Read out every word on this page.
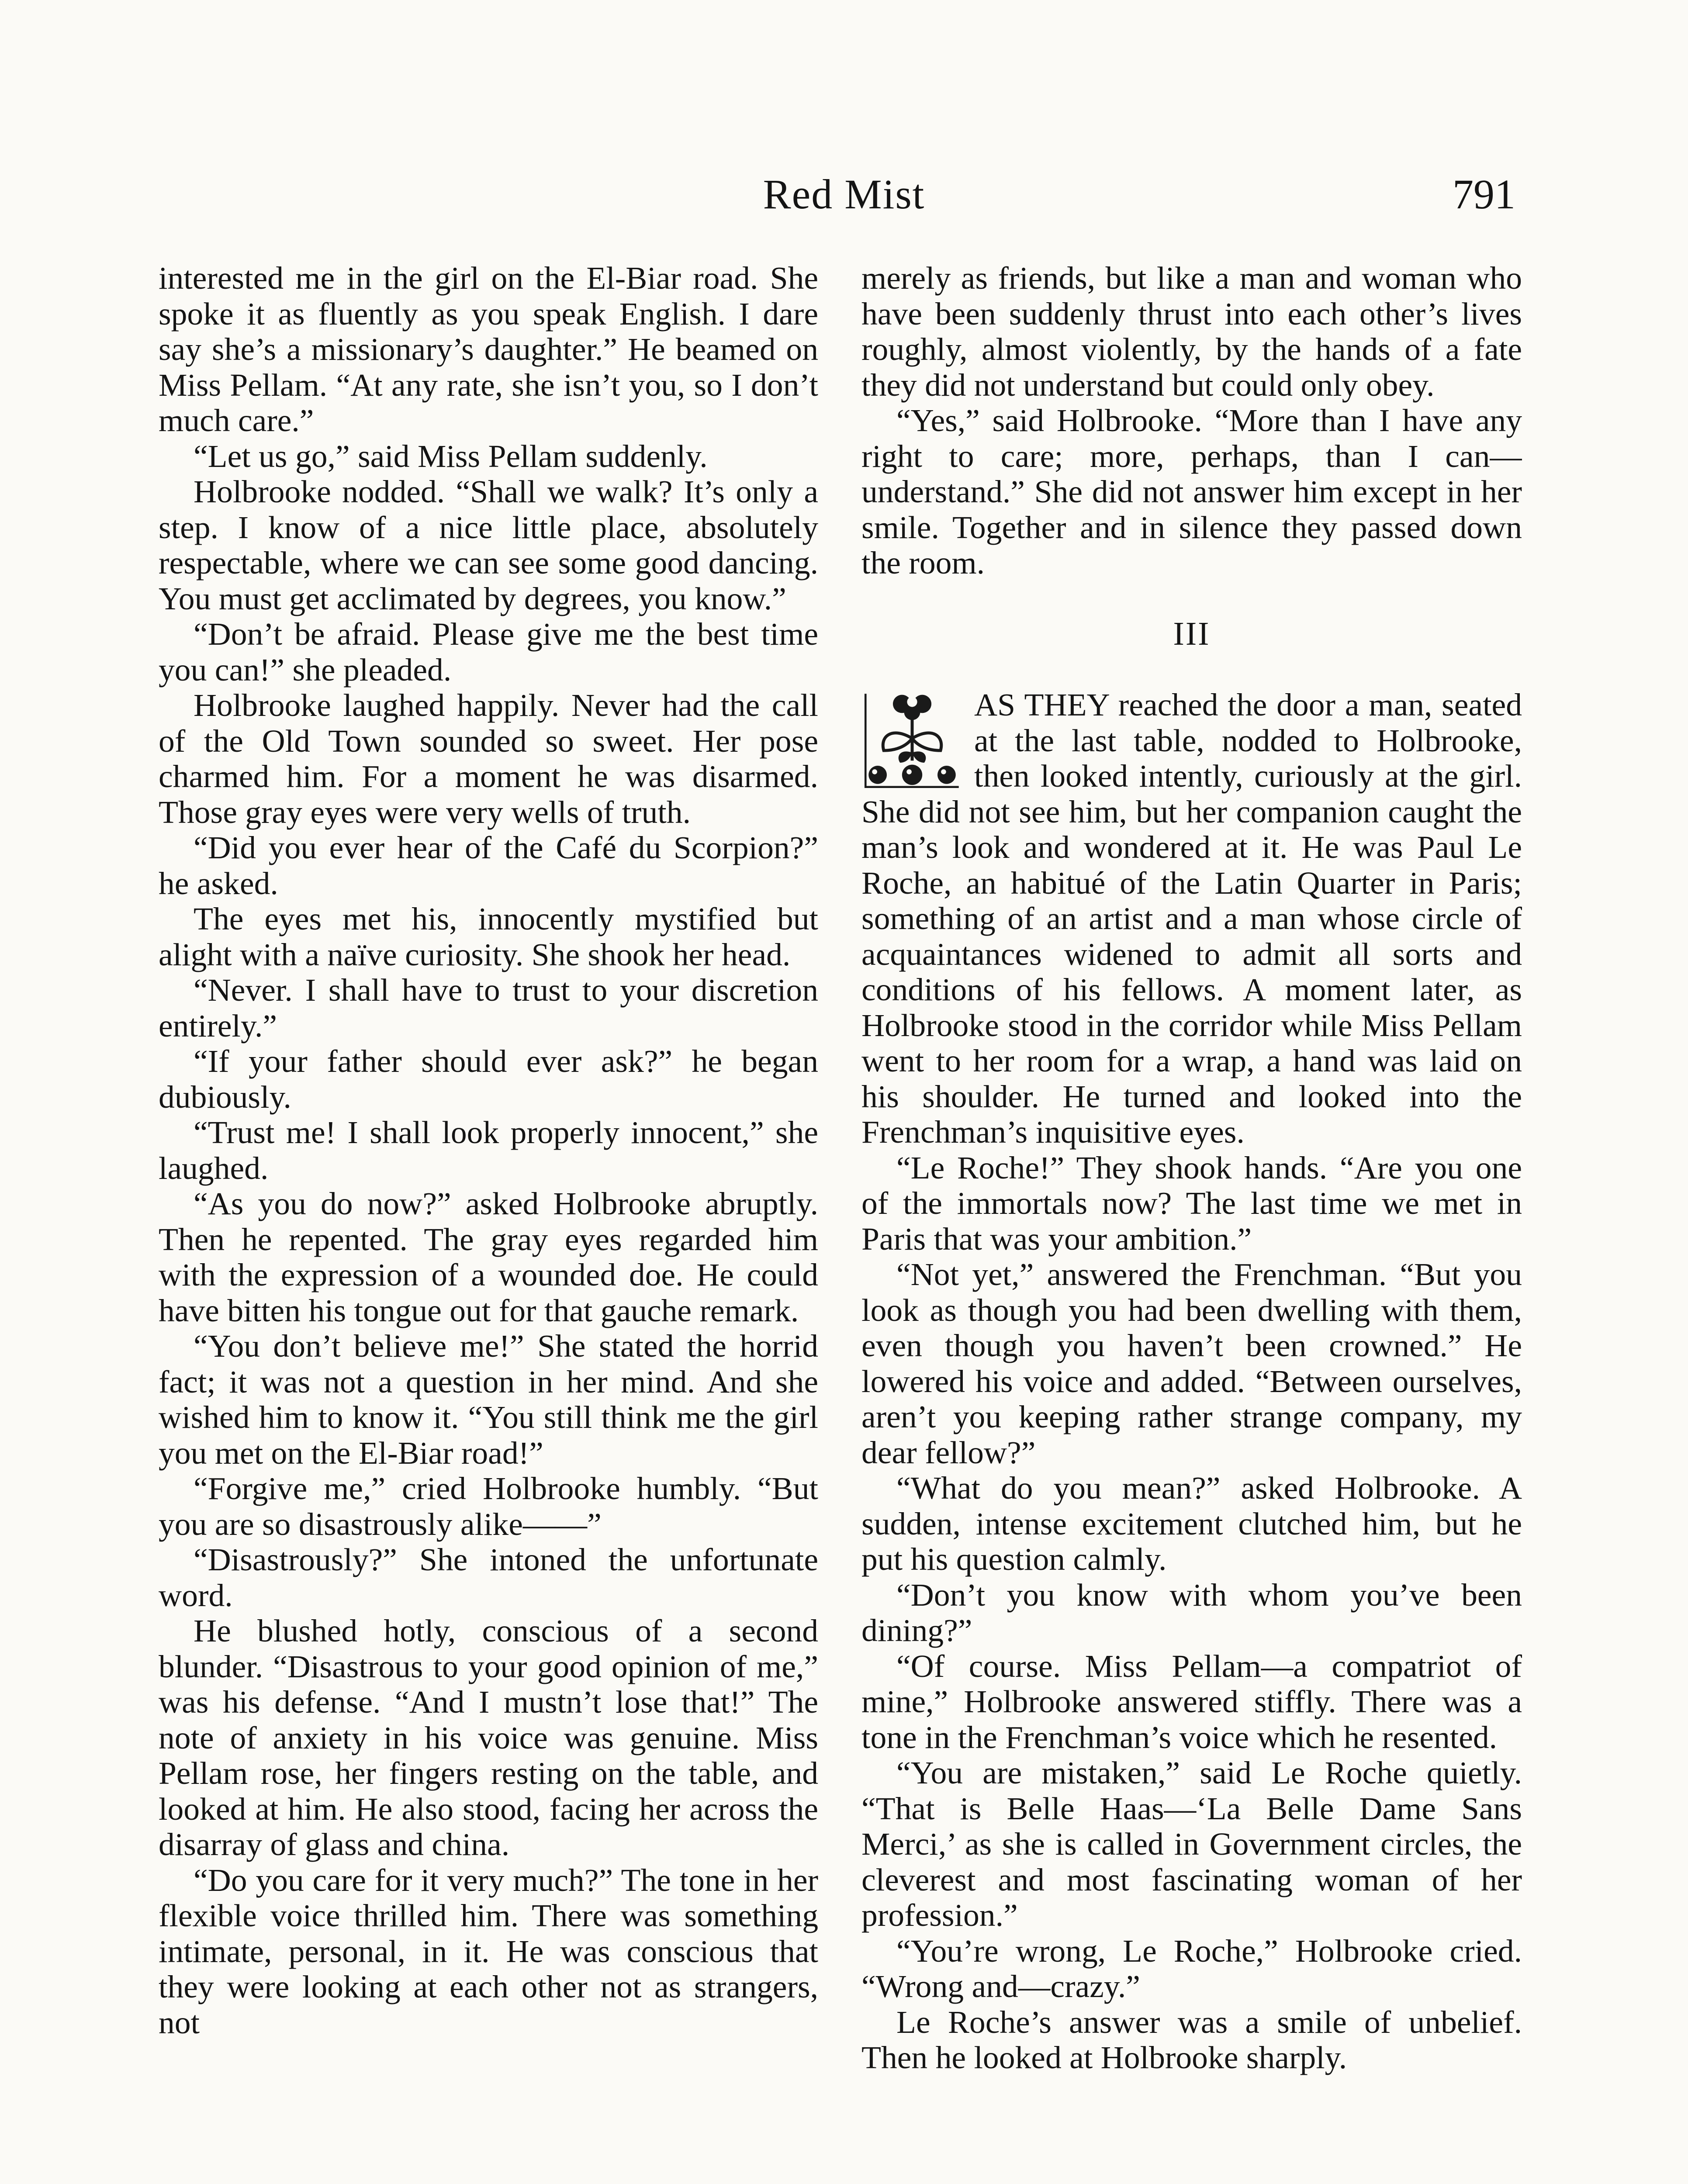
Red Mist	791

interested me in the girl on the El-Biar road. She spoke it as fluently as you speak English. I dare say she’s a missionary’s daughter.” He beamed on Miss Pellam. “At any rate, she isn’t you, so I don’t much care.”

“Let us go,” said Miss Pellam suddenly.

Holbrooke nodded. “Shall we walk? It’s only a step. I know of a nice little place, absolutely respectable, where we can see some good dancing. You must get acclimated by degrees, you know.”

“Don’t be afraid. Please give me the best time you can!” she pleaded.

Holbrooke laughed happily. Never had the call of the Old Town sounded so sweet. Her pose charmed him. For a moment he was disarmed. Those gray eyes were very wells of truth.

“Did you ever hear of the Café du Scorpion?” he asked.

The eyes met his, innocently mystified but alight with a naïve curiosity. She shook her head.

“Never. I shall have to trust to your discretion entirely.”

“If your father should ever ask?” he began dubiously.

“Trust me! I shall look properly innocent,” she laughed.

“As you do now?” asked Holbrooke abruptly. Then he repented. The gray eyes regarded him with the expression of a wounded doe. He could have bitten his tongue out for that gauche remark.

“You don’t believe me!” She stated the horrid fact; it was not a question in her mind. And she wished him to know it. “You still think me the girl you met on the El-Biar road!”

“Forgive me,” cried Holbrooke humbly. “But you are so disastrously alike——”

“Disastrously?” She intoned the unfortunate word.

He blushed hotly, conscious of a second blunder. “Disastrous to your good opinion of me,” was his defense. “And I mustn’t lose that!” The note of anxiety in his voice was genuine. Miss Pellam rose, her fingers resting on the table, and looked at him. He also stood, facing her across the disarray of glass and china.

“Do you care for it very much?” The tone in her flexible voice thrilled him. There was something intimate, personal, in it. He was conscious that they were looking at each other not as strangers, not

merely as friends, but like a man and woman who have been suddenly thrust into each other’s lives roughly, almost violently, by the hands of a fate they did not understand but could only obey.

“Yes,” said Holbrooke. “More than I have any right to care; more, perhaps, than I can—understand.” She did not answer him except in her smile. Together and in silence they passed down the room.

III

AS THEY reached the door a man, seated at the last table, nodded to Holbrooke, then looked intently, curiously at the girl. She did not see him, but her companion caught the man’s look and wondered at it. He was Paul Le Roche, an habitué of the Latin Quarter in Paris; something of an artist and a man whose circle of acquaintances widened to admit all sorts and conditions of his fellows. A moment later, as Holbrooke stood in the corridor while Miss Pellam went to her room for a wrap, a hand was laid on his shoulder. He turned and looked into the Frenchman’s inquisitive eyes.

“Le Roche!” They shook hands. “Are you one of the immortals now? The last time we met in Paris that was your ambition.”

“Not yet,” answered the Frenchman. “But you look as though you had been dwelling with them, even though you haven’t been crowned.” He lowered his voice and added. “Between ourselves, aren’t you keeping rather strange company, my dear fellow?”

“What do you mean?” asked Holbrooke. A sudden, intense excitement clutched him, but he put his question calmly.

“Don’t you know with whom you’ve been dining?”

“Of course. Miss Pellam—a compatriot of mine,” Holbrooke answered stiffly. There was a tone in the Frenchman’s voice which he resented.

“You are mistaken,” said Le Roche quietly. “That is Belle Haas—‘La Belle Dame Sans Merci,’ as she is called in Government circles, the cleverest and most fascinating woman of her profession.”

“You’re wrong, Le Roche,” Holbrooke cried. “Wrong and—crazy.”

Le Roche’s answer was a smile of unbelief. Then he looked at Holbrooke sharply.
